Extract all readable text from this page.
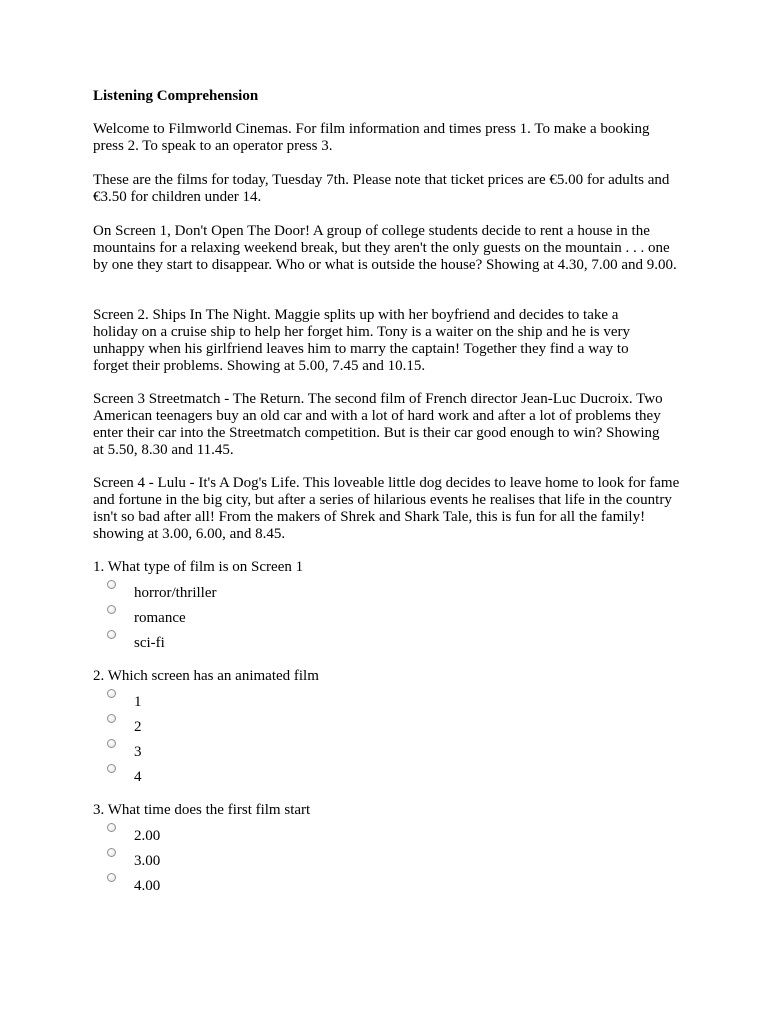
Listening Comprehension
Welcome to Filmworld Cinemas. For film information and times press 1. To make a booking press 2. To speak to an operator press 3.
These are the films for today, Tuesday 7th. Please note that ticket prices are €5.00 for adults and €3.50 for children under 14.
On Screen 1, Don't Open The Door! A group of college students decide to rent a house in the mountains for a relaxing weekend break, but they aren't the only guests on the mountain . . . one by one they start to disappear. Who or what is outside the house? Showing at 4.30, 7.00 and 9.00.
Screen 2. Ships In The Night. Maggie splits up with her boyfriend and decides to take a holiday on a cruise ship to help her forget him. Tony is a waiter on the ship and he is very unhappy when his girlfriend leaves him to marry the captain! Together they find a way to forget their problems. Showing at 5.00, 7.45 and 10.15.
Screen 3 Streetmatch - The Return. The second film of French director Jean-Luc Ducroix. Two American teenagers buy an old car and with a lot of hard work and after a lot of problems they enter their car into the Streetmatch competition. But is their car good enough to win? Showing at 5.50, 8.30 and 11.45.
Screen 4 - Lulu - It's A Dog's Life. This loveable little dog decides to leave home to look for fame and fortune in the big city, but after a series of hilarious events he realises that life in the country isn't so bad after all! From the makers of Shrek and Shark Tale, this is fun for all the family! showing at 3.00, 6.00, and 8.45.
1. What type of film is on Screen 1
horror/thriller
romance
sci-fi
2. Which screen has an animated film
1
2
3
4
3. What time does the first film start
2.00
3.00
4.00
